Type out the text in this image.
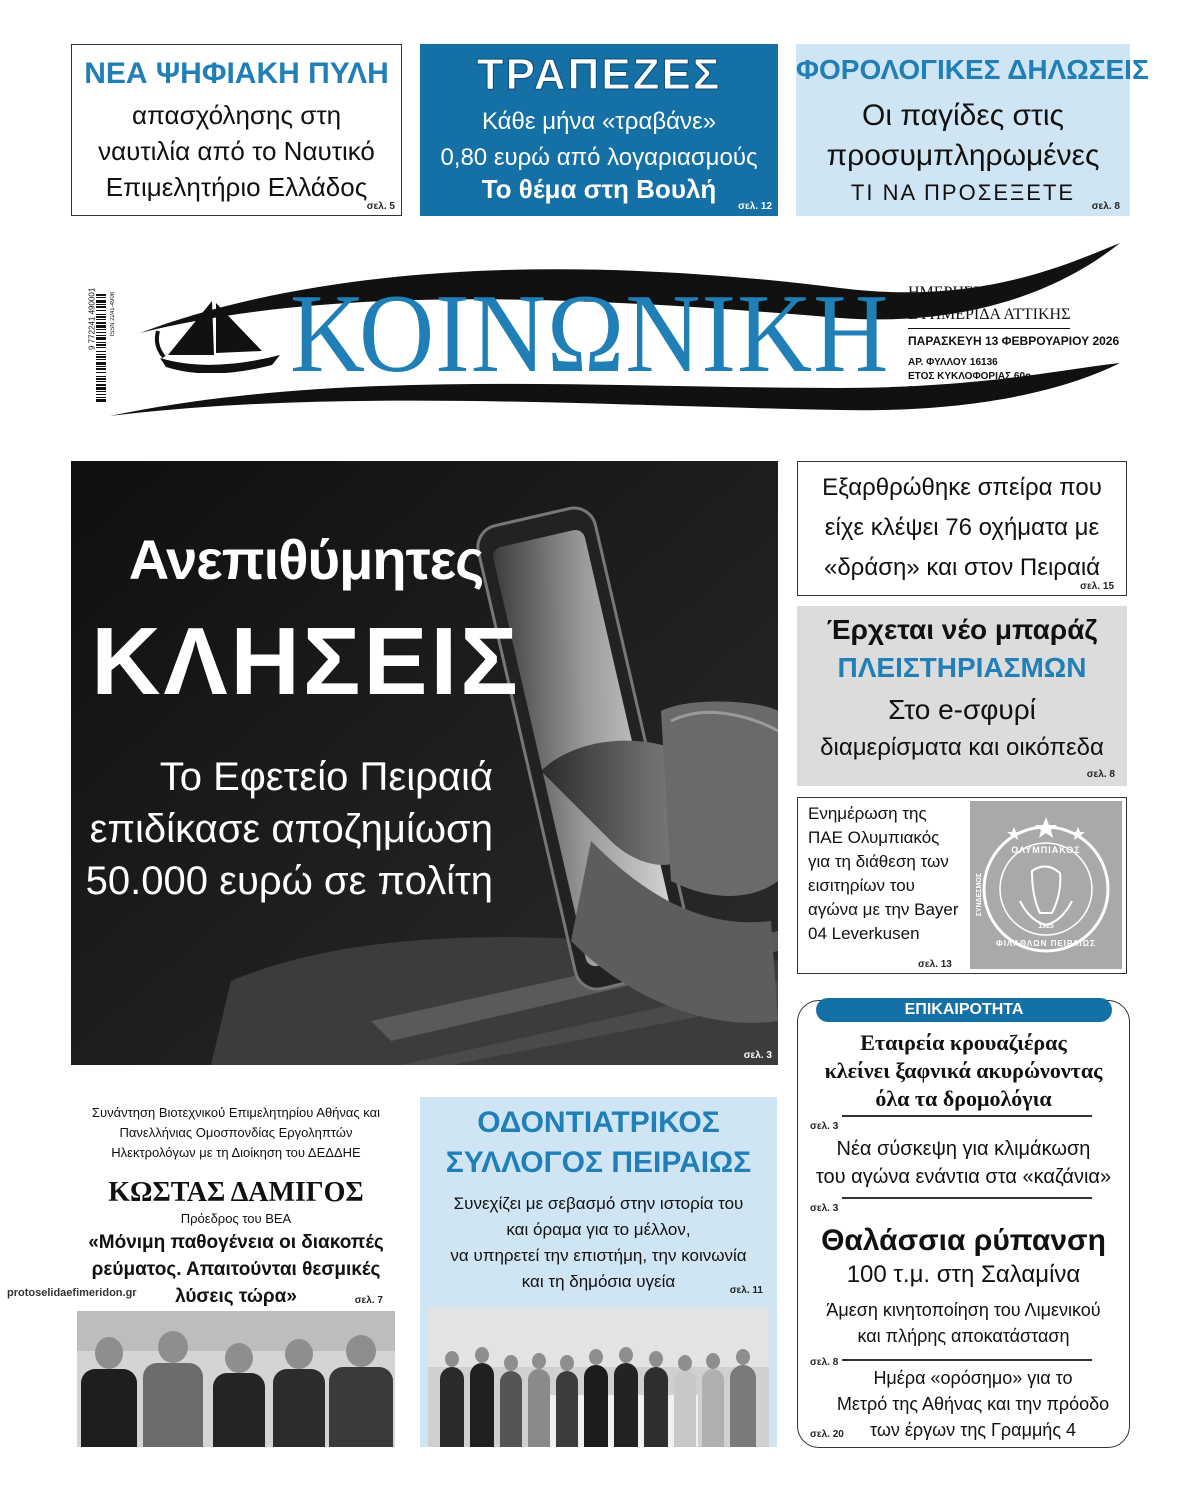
ΝΕΑ ΨΗΦΙΑΚΗ ΠΥΛΗ
απασχόλησης στη
ναυτιλία από το Ναυτικό
Επιμελητήριο Ελλάδος
σελ. 5
ΤΡΑΠΕΖΕΣ
Κάθε μήνα «τραβάνε»
0,80 ευρώ από λογαριασμούς
Το θέμα στη Βουλή
σελ. 12
ΦΟΡΟΛΟΓΙΚΕΣ ΔΗΛΩΣΕΙΣ
Οι παγίδες στις
προσυμπληρωμένες
ΤΙ ΝΑ ΠΡΟΣΕΞΕΤΕ
σελ. 8
ΚΟΙΝΩΝΙΚΗ ΗΜΕΡΗΣΙΑ
ΕΦΗΜΕΡΙΔΑ ΑΤΤΙΚΗΣ
ΠΑΡΑΣΚΕΥΗ 13 ΦΕΒΡΟΥΑΡΙΟΥ 2026
ΑΡ. ΦΥΛΛΟΥ 16136
ΕΤΟΣ ΚΥΚΛΟΦΟΡΙΑΣ 60ο
0,50 €
9 772241 490001 ISSN 2241-4908
Ανεπιθύμητες
ΚΛΗΣΕΙΣ
Το Εφετείο Πειραιά
επιδίκασε αποζημίωση
50.000 ευρώ σε πολίτη
σελ. 3
Εξαρθρώθηκε σπείρα που
είχε κλέψει 76 οχήματα με
«δράση» και στον Πειραιά
σελ. 15
Έρχεται νέο μπαράζ
ΠΛΕΙΣΤΗΡΙΑΣΜΩΝ
Στο e-σφυρί
διαμερίσματα και οικόπεδα
σελ. 8
Ενημέρωση της
ΠΑΕ Ολυμπιακός
για τη διάθεση των
εισιτηρίων του
αγώνα με την Bayer
04 Leverkusen
σελ. 13
ΟΛΥΜΠΙΑΚΟΣ
ΣΥΝΔΕΣΜΟΣ
1925
ΦΙΛΑΘΛΩΝ ΠΕΙΡΑΙΩΣ
ΕΠΙΚΑΙΡΟΤΗΤΑ
Εταιρεία κρουαζιέρας
κλείνει ξαφνικά ακυρώνοντας
όλα τα δρομολόγια
σελ. 3
Νέα σύσκεψη για κλιμάκωση
του αγώνα ενάντια στα «καζάνια»
σελ. 3
Θαλάσσια ρύπανση
100 τ.μ. στη Σαλαμίνα
Άμεση κινητοποίηση του Λιμενικού
και πλήρης αποκατάσταση
σελ. 8
Ημέρα «ορόσημο» για το
Μετρό της Αθήνας και την πρόοδο
των έργων της Γραμμής 4
σελ. 20
Συνάντηση Βιοτεχνικού Επιμελητηρίου Αθήνας και
Πανελλήνιας Ομοσπονδίας Εργοληπτών
Ηλεκτρολόγων με τη Διοίκηση του ΔΕΔΔΗΕ
ΚΩΣΤΑΣ ΔΑΜΙΓΟΣ
Πρόεδρος του ΒΕΑ
«Μόνιμη παθογένεια οι διακοπές
ρεύματος. Απαιτούνται θεσμικές
λύσεις τώρα»	σελ. 7
ΟΔΟΝΤΙΑΤΡΙΚΟΣ
ΣΥΛΛΟΓΟΣ ΠΕΙΡΑΙΩΣ
Συνεχίζει με σεβασμό στην ιστορία του
και όραμα για το μέλλον,
να υπηρετεί την επιστήμη, την κοινωνία
και τη δημόσια υγεία	σελ. 11
protoselidaefimeridon.gr
